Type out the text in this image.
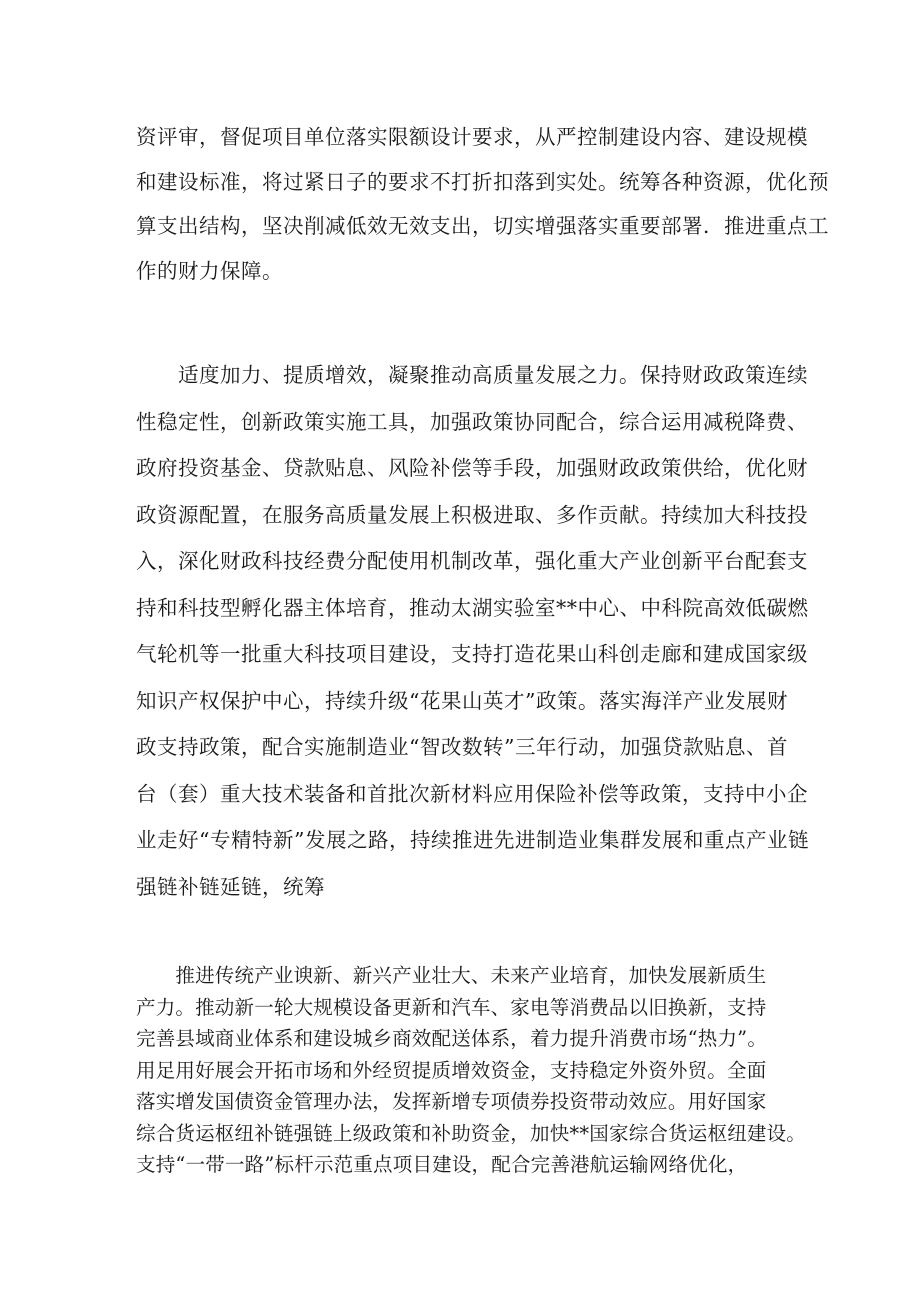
资评审，督促项目单位落实限额设计要求，从严控制建设内容、建设规模
和建设标准，将过紧日子的要求不打折扣落到实处。统筹各种资源，优化预
算支出结构，坚决削减低效无效支出，切实增强落实重要部署．推进重点工
作的财力保障。
　　适度加力、提质增效，凝聚推动高质量发展之力。保持财政政策连续
性稳定性，创新政策实施工具，加强政策协同配合，综合运用减税降费、
政府投资基金、贷款贴息、风险补偿等手段，加强财政政策供给，优化财
政资源配置，在服务高质量发展上积极进取、多作贡献。持续加大科技投
入，深化财政科技经费分配使用机制改革，强化重大产业创新平台配套支
持和科技型孵化器主体培育，推动太湖实验室**中心、中科院高效低碳燃
气轮机等一批重大科技项目建设，支持打造花果山科创走廊和建成国家级
知识产权保护中心，持续升级“花果山英才”政策。落实海洋产业发展财
政支持政策，配合实施制造业“智改数转”三年行动，加强贷款贴息、首
台（套）重大技术装备和首批次新材料应用保险补偿等政策，支持中小企
业走好“专精特新”发展之路，持续推进先进制造业集群发展和重点产业链
强链补链延链，统筹
　　推进传统产业谀新、新兴产业壮大、未来产业培育，加快发展新质生
产力。推动新一轮大规模设备更新和汽车、家电等消费品以旧换新，支持
完善县域商业体系和建设城乡商效配送体系，着力提升消费市场“热力”。
用足用好展会开拓市场和外经贸提质增效资金，支持稳定外资外贸。全面
落实增发国债资金管理办法，发挥新增专项债券投资带动效应。用好国家
综合货运枢纽补链强链上级政策和补助资金，加快**国家综合货运枢纽建设。
支持“一带一路”标杆示范重点项目建设，配合完善港航运输网络优化，
